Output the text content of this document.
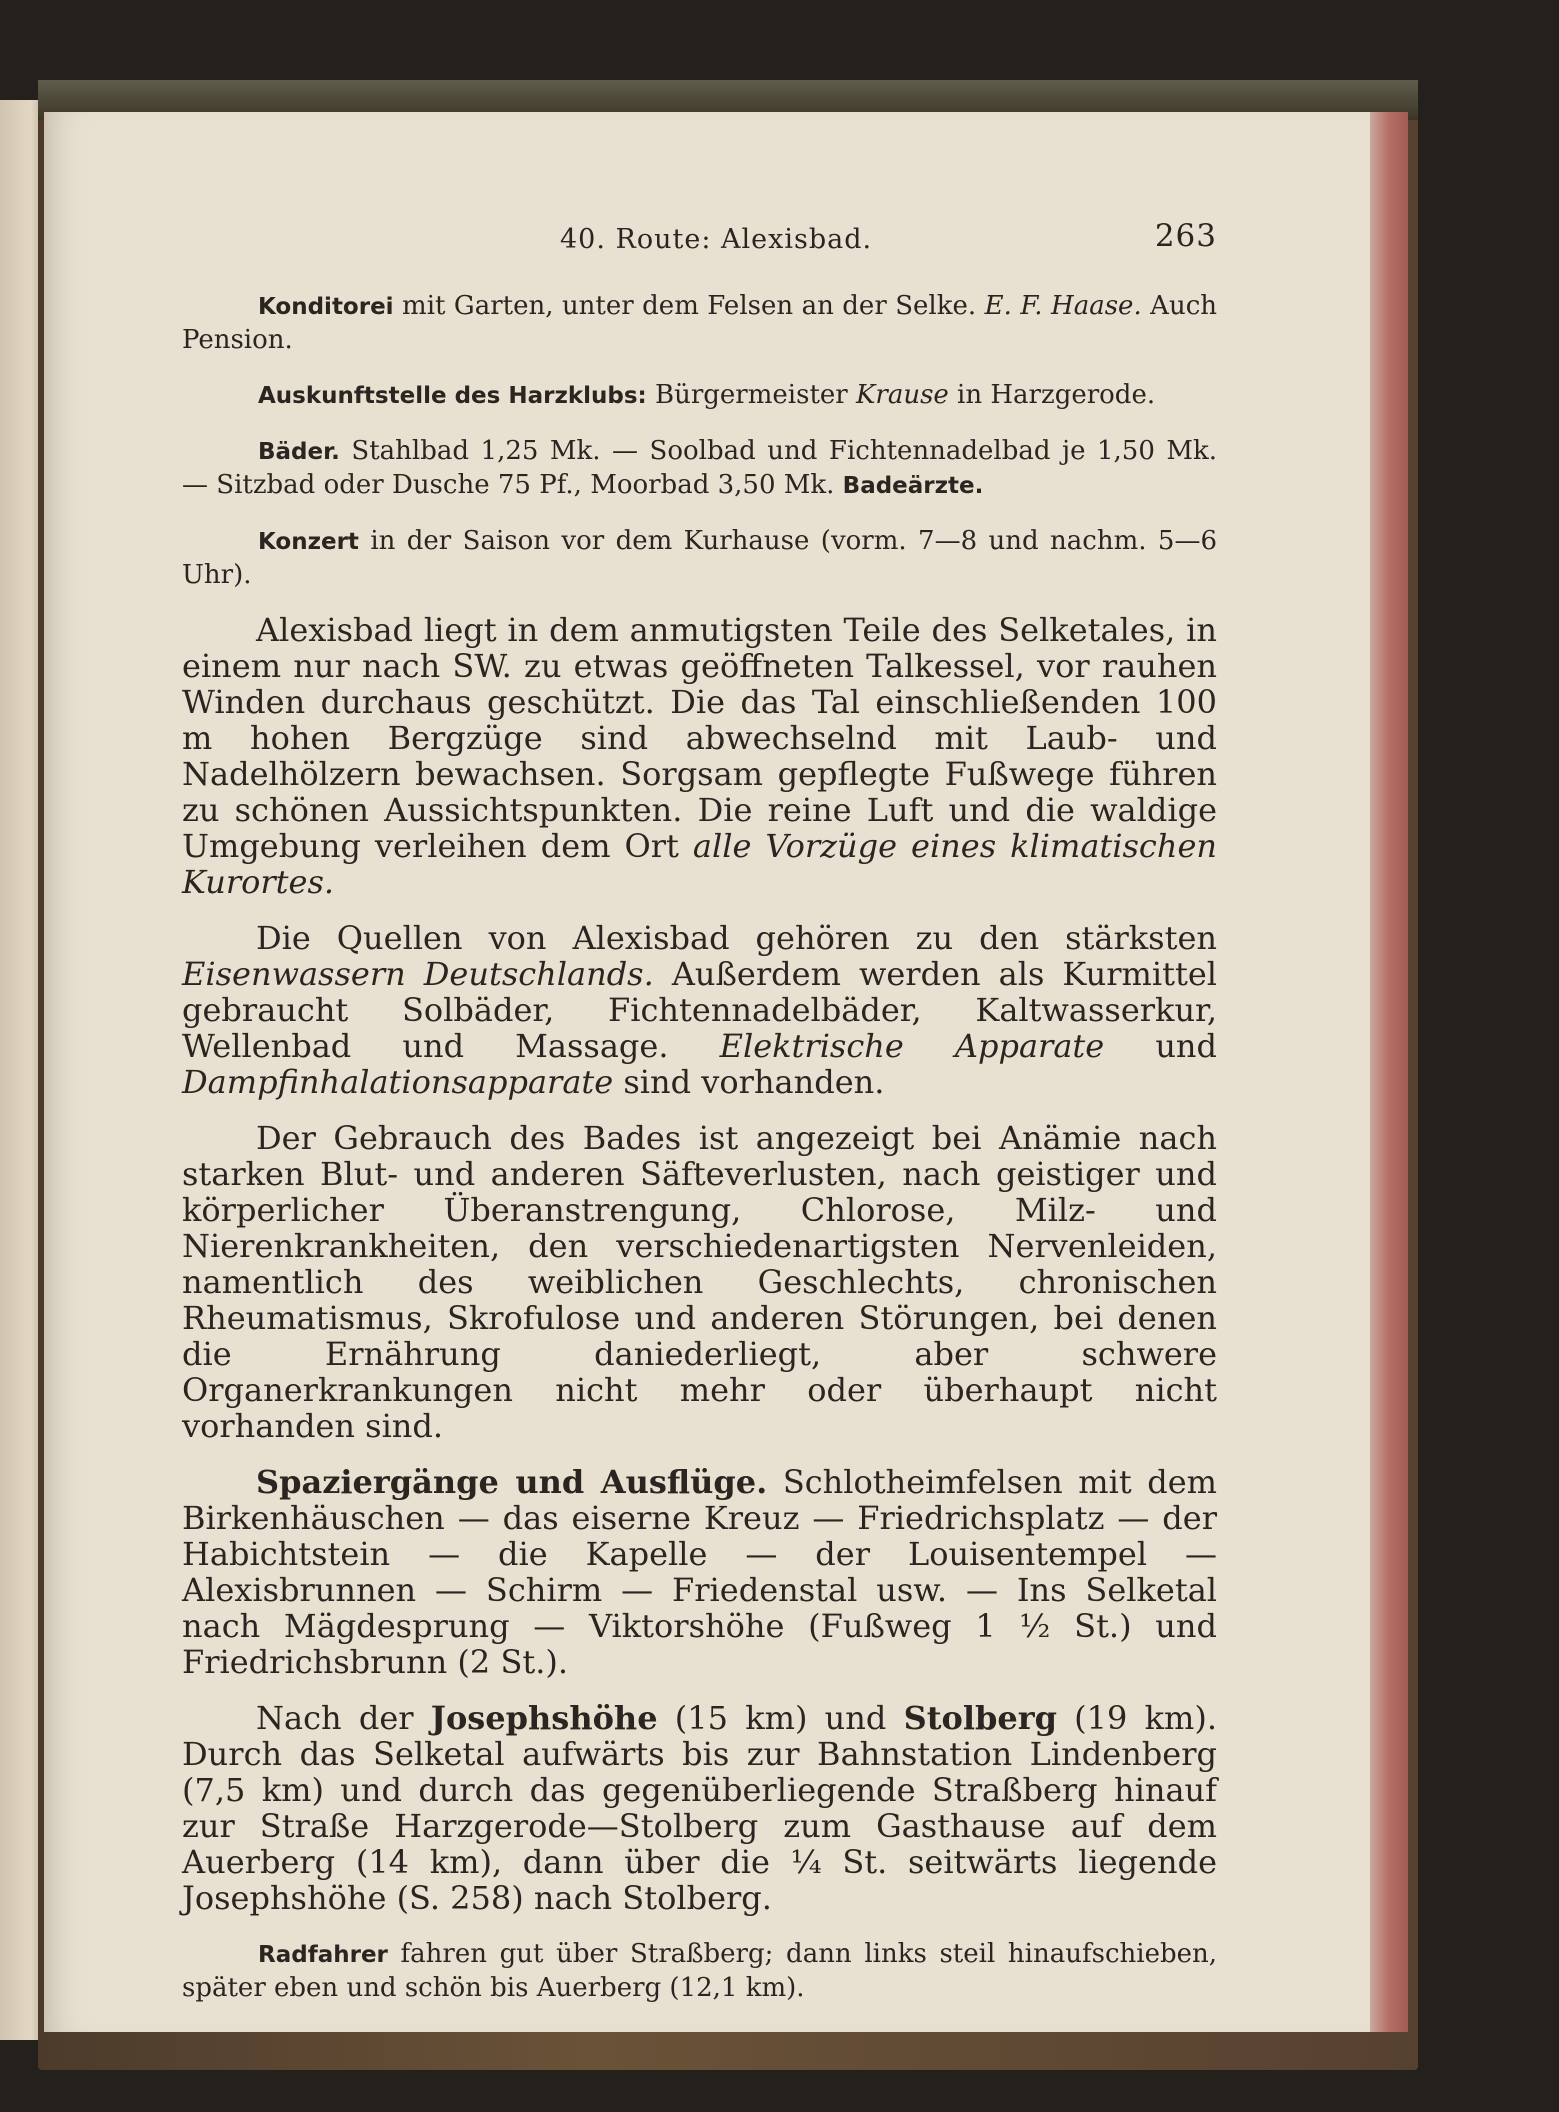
40. Route: Alexisbad.	263

Konditorei mit Garten, unter dem Felsen an der Selke. E. F. Haase. Auch Pension.

Auskunftstelle des Harzklubs: Bürgermeister Krause in Harzgerode.

Bäder. Stahlbad 1,25 Mk. — Soolbad und Fichtennadelbad je 1,50 Mk. — Sitzbad oder Dusche 75 Pf., Moorbad 3,50 Mk. Badeärzte.

Konzert in der Saison vor dem Kurhause (vorm. 7—8 und nachm. 5—6 Uhr).

Alexisbad liegt in dem anmutigsten Teile des Selketales, in einem nur nach SW. zu etwas geöffneten Talkessel, vor rauhen Winden durchaus geschützt. Die das Tal einschließenden 100 m hohen Bergzüge sind abwechselnd mit Laub- und Nadelhölzern bewachsen. Sorgsam gepflegte Fußwege führen zu schönen Aussichtspunkten. Die reine Luft und die waldige Umgebung verleihen dem Ort alle Vorzüge eines klimatischen Kurortes.

Die Quellen von Alexisbad gehören zu den stärksten Eisenwassern Deutschlands. Außerdem werden als Kurmittel gebraucht Solbäder, Fichtennadelbäder, Kaltwasserkur, Wellenbad und Massage. Elektrische Apparate und Dampfinhalationsapparate sind vorhanden.

Der Gebrauch des Bades ist angezeigt bei Anämie nach starken Blut- und anderen Säfteverlusten, nach geistiger und körperlicher Überanstrengung, Chlorose, Milz- und Nierenkrankheiten, den verschiedenartigsten Nervenleiden, namentlich des weiblichen Geschlechts, chronischen Rheumatismus, Skrofulose und anderen Störungen, bei denen die Ernährung daniederliegt, aber schwere Organerkrankungen nicht mehr oder überhaupt nicht vorhanden sind.

Spaziergänge und Ausflüge. Schlotheimfelsen mit dem Birkenhäuschen — das eiserne Kreuz — Friedrichsplatz — der Habichtstein — die Kapelle — der Louisentempel — Alexisbrunnen — Schirm — Friedenstal usw. — Ins Selketal nach Mägdesprung — Viktorshöhe (Fußweg 1 ½ St.) und Friedrichsbrunn (2 St.).

Nach der Josephshöhe (15 km) und Stolberg (19 km). Durch das Selketal aufwärts bis zur Bahnstation Lindenberg (7,5 km) und durch das gegenüberliegende Straßberg hinauf zur Straße Harzgerode—Stolberg zum Gasthause auf dem Auerberg (14 km), dann über die ¼ St. seitwärts liegende Josephshöhe (S. 258) nach Stolberg.

Radfahrer fahren gut über Straßberg; dann links steil hinaufschieben, später eben und schön bis Auerberg (12,1 km).
